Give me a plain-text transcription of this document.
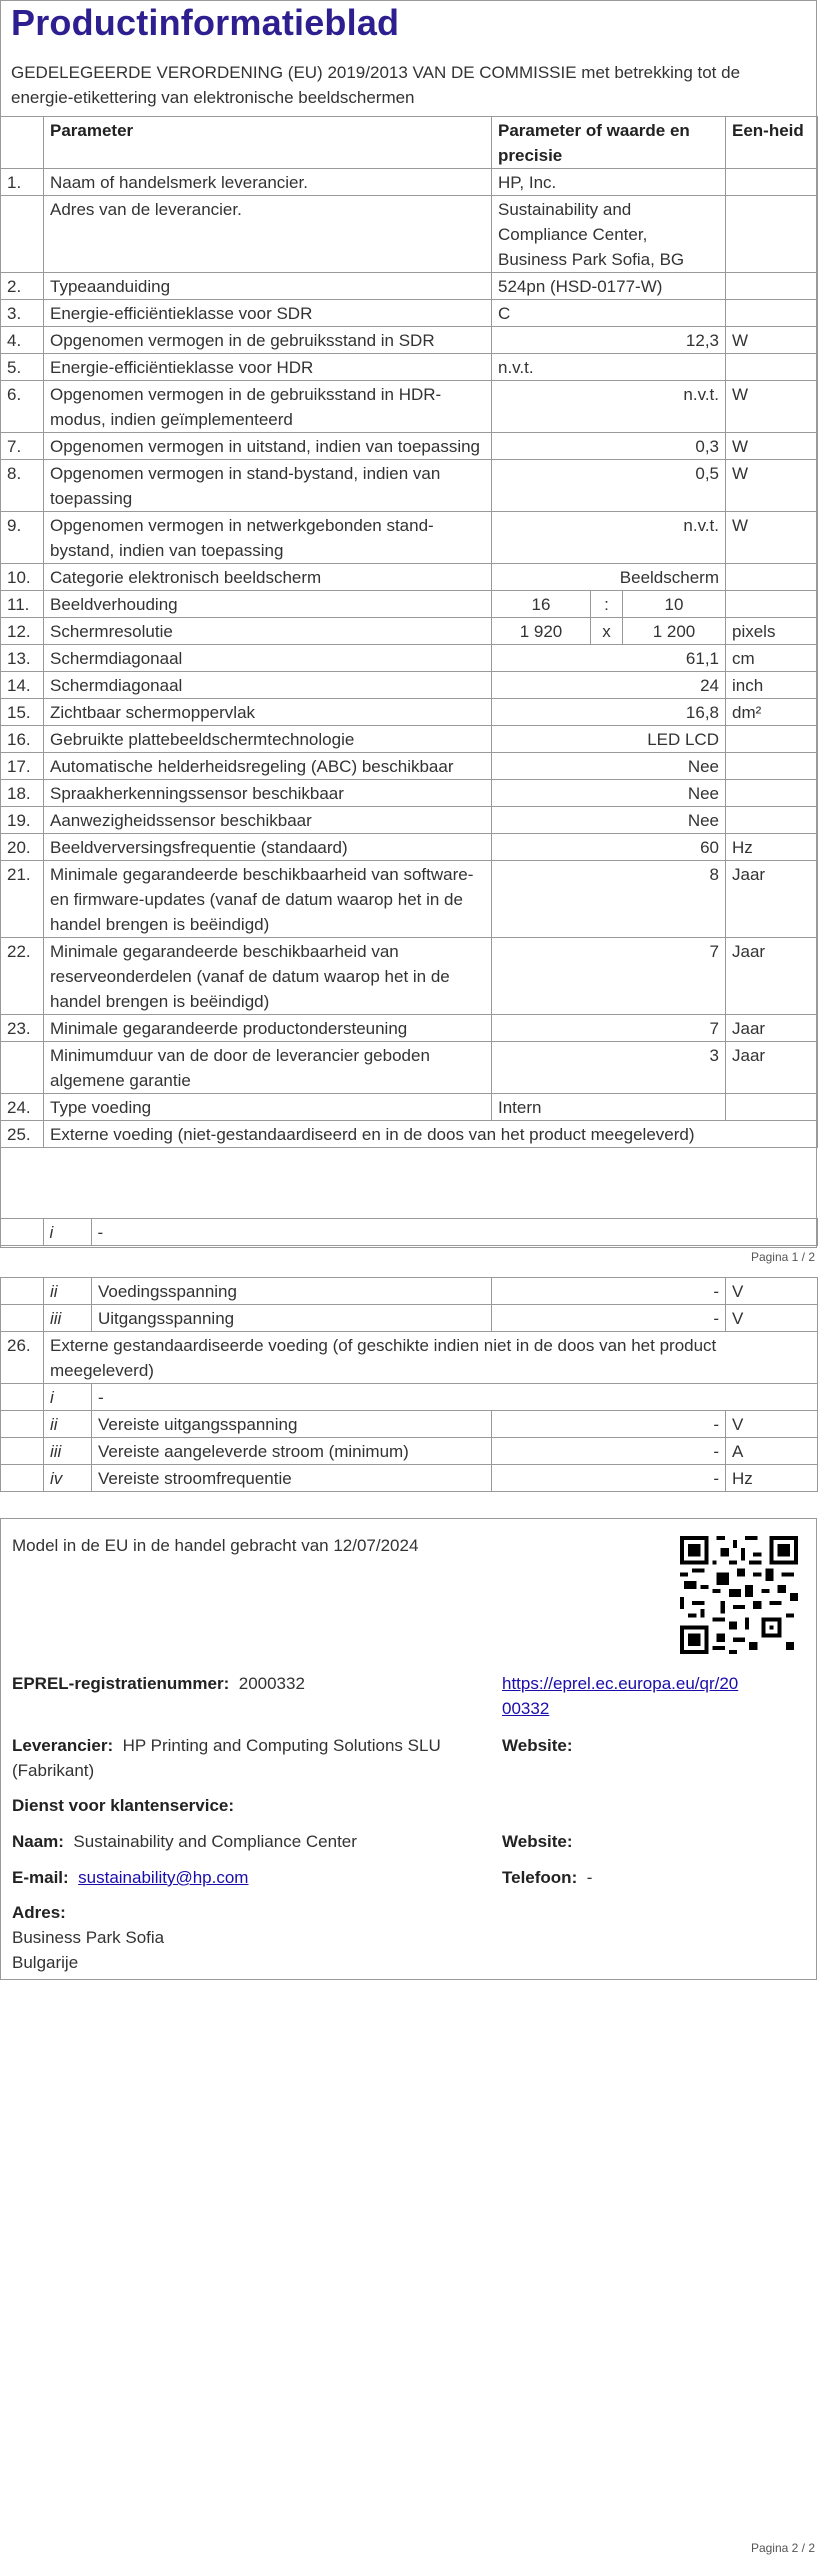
Productinformatieblad
GEDELEGEERDE VERORDENING (EU) 2019/2013 VAN DE COMMISSIE met betrekking tot de energie-etikettering van elektronische beeldschermen
	Parameter	Parameter of waarde en precisie			Een-heid
1.	Naam of handelsmerk leverancier.	HP, Inc.			
	Adres van de leverancier.	Sustainability and Compliance Center, Business Park Sofia, BG			
2.	Typeaanduiding	524pn (HSD-0177-W)			
3.	Energie-efficiëntieklasse voor SDR	C			
4.	Opgenomen vermogen in de gebruiksstand in SDR	12,3			W
5.	Energie-efficiëntieklasse voor HDR	n.v.t.			
6.	Opgenomen vermogen in de gebruiksstand in HDR-modus, indien geïmplementeerd	n.v.t.			W
7.	Opgenomen vermogen in uitstand, indien van toepassing	0,3			W
8.	Opgenomen vermogen in stand-bystand, indien van toepassing	0,5			W
9.	Opgenomen vermogen in netwerkgebonden stand-bystand, indien van toepassing	n.v.t.			W
10.	Categorie elektronisch beeldscherm	Beeldscherm			
11.	Beeldverhouding	16	:	10	
12.	Schermresolutie	1 920	x	1 200	pixels
13.	Schermdiagonaal	61,1			cm
14.	Schermdiagonaal	24			inch
15.	Zichtbaar schermoppervlak	16,8			dm²
16.	Gebruikte plattebeeldschermtechnologie	LED LCD			
17.	Automatische helderheidsregeling (ABC) beschikbaar	Nee			
18.	Spraakherkenningssensor beschikbaar	Nee			
19.	Aanwezigheidssensor beschikbaar	Nee			
20.	Beeldverversingsfrequentie (standaard)	60			Hz
21.	Minimale gegarandeerde beschikbaarheid van software- en firmware-updates (vanaf de datum waarop het in de handel brengen is beëindigd)	8			Jaar
22.	Minimale gegarandeerde beschikbaarheid van reserveonderdelen (vanaf de datum waarop het in de handel brengen is beëindigd)	7			Jaar
23.	Minimale gegarandeerde productondersteuning	7			Jaar
	Minimumduur van de door de leverancier geboden algemene garantie	3			Jaar
24.	Type voeding	Intern			
25.	Externe voeding (niet-gestandaardiseerd en in de doos van het product meegeleverd)				
	i	-
Pagina 1 / 2
	ii	Voedingsspanning	-	V
	iii	Uitgangsspanning	-	V
26.	Externe gestandaardiseerde voeding (of geschikte indien niet in de doos van het product meegeleverd)			
	i	-		
	ii	Vereiste uitgangsspanning	-	V
	iii	Vereiste aangeleverde stroom (minimum)	-	A
	iv	Vereiste stroomfrequentie	-	Hz
Model in de EU in de handel gebracht van 12/07/2024
EPREL-registratienummer: 2000332	https://eprel.ec.europa.eu/qr/20
00332
Leverancier: HP Printing and Computing Solutions SLU
(Fabrikant)
Website:
Dienst voor klantenservice:
Naam: Sustainability and Compliance Center	Website:
E-mail: sustainability@hp.com	Telefoon: -
Adres:
Business Park Sofia
Bulgarije
Pagina 2 / 2
